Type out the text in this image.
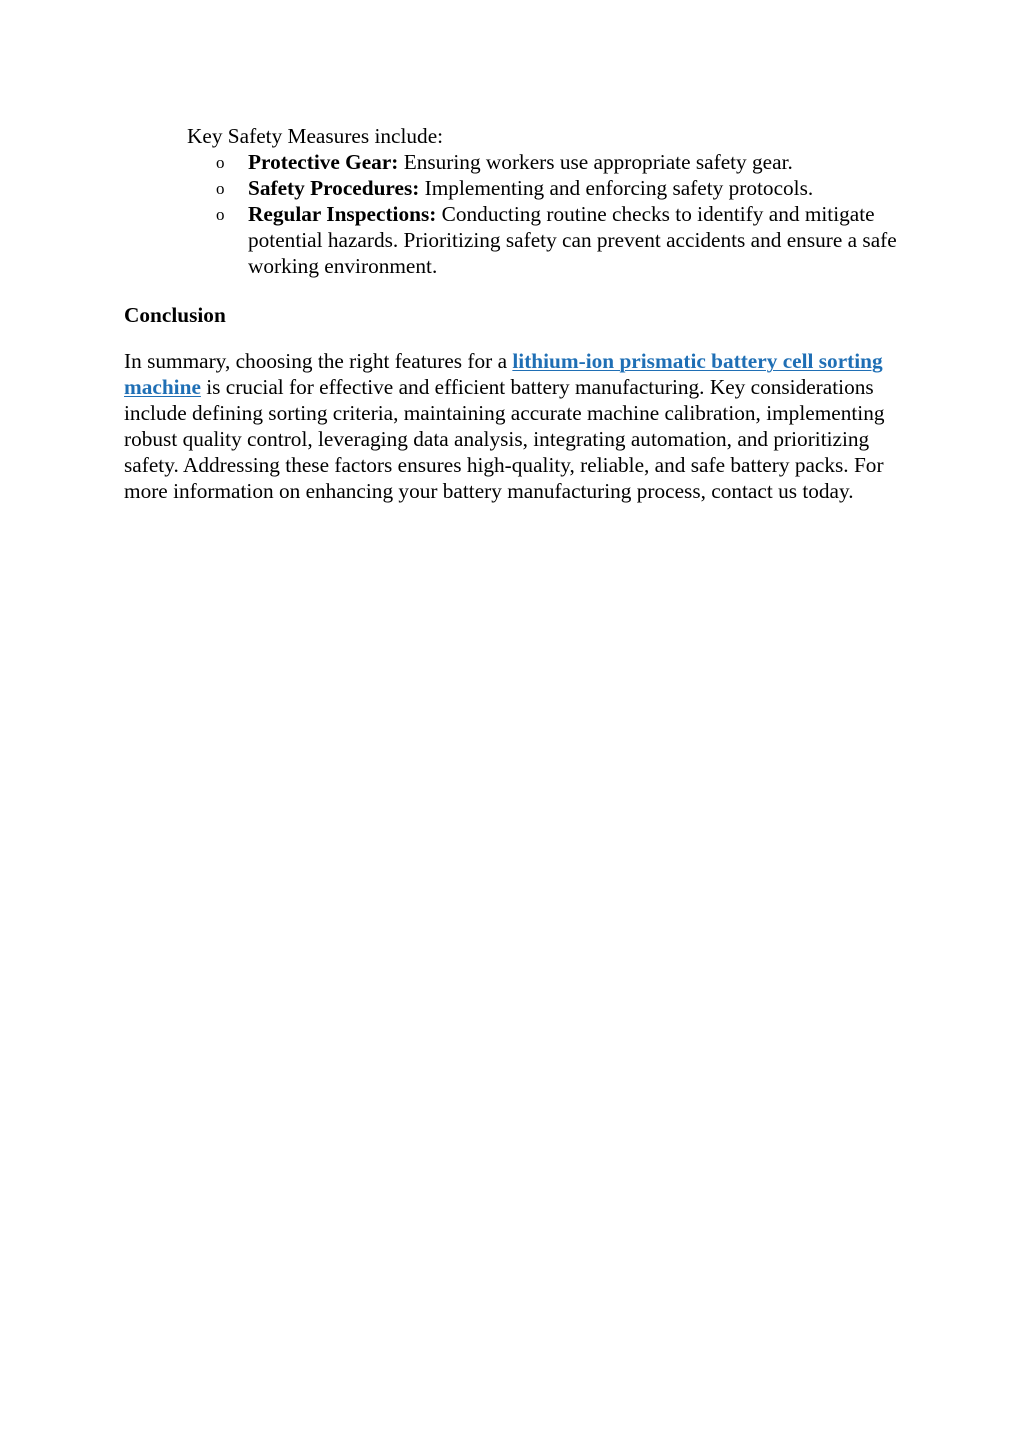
Key Safety Measures include:
o Protective Gear: Ensuring workers use appropriate safety gear.
o Safety Procedures: Implementing and enforcing safety protocols.
o Regular Inspections: Conducting routine checks to identify and mitigate potential hazards. Prioritizing safety can prevent accidents and ensure a safe working environment.
Conclusion

In summary, choosing the right features for a lithium-ion prismatic battery cell sorting machine is crucial for effective and efficient battery manufacturing. Key considerations include defining sorting criteria, maintaining accurate machine calibration, implementing robust quality control, leveraging data analysis, integrating automation, and prioritizing safety. Addressing these factors ensures high-quality, reliable, and safe battery packs. For more information on enhancing your battery manufacturing process, contact us today.
